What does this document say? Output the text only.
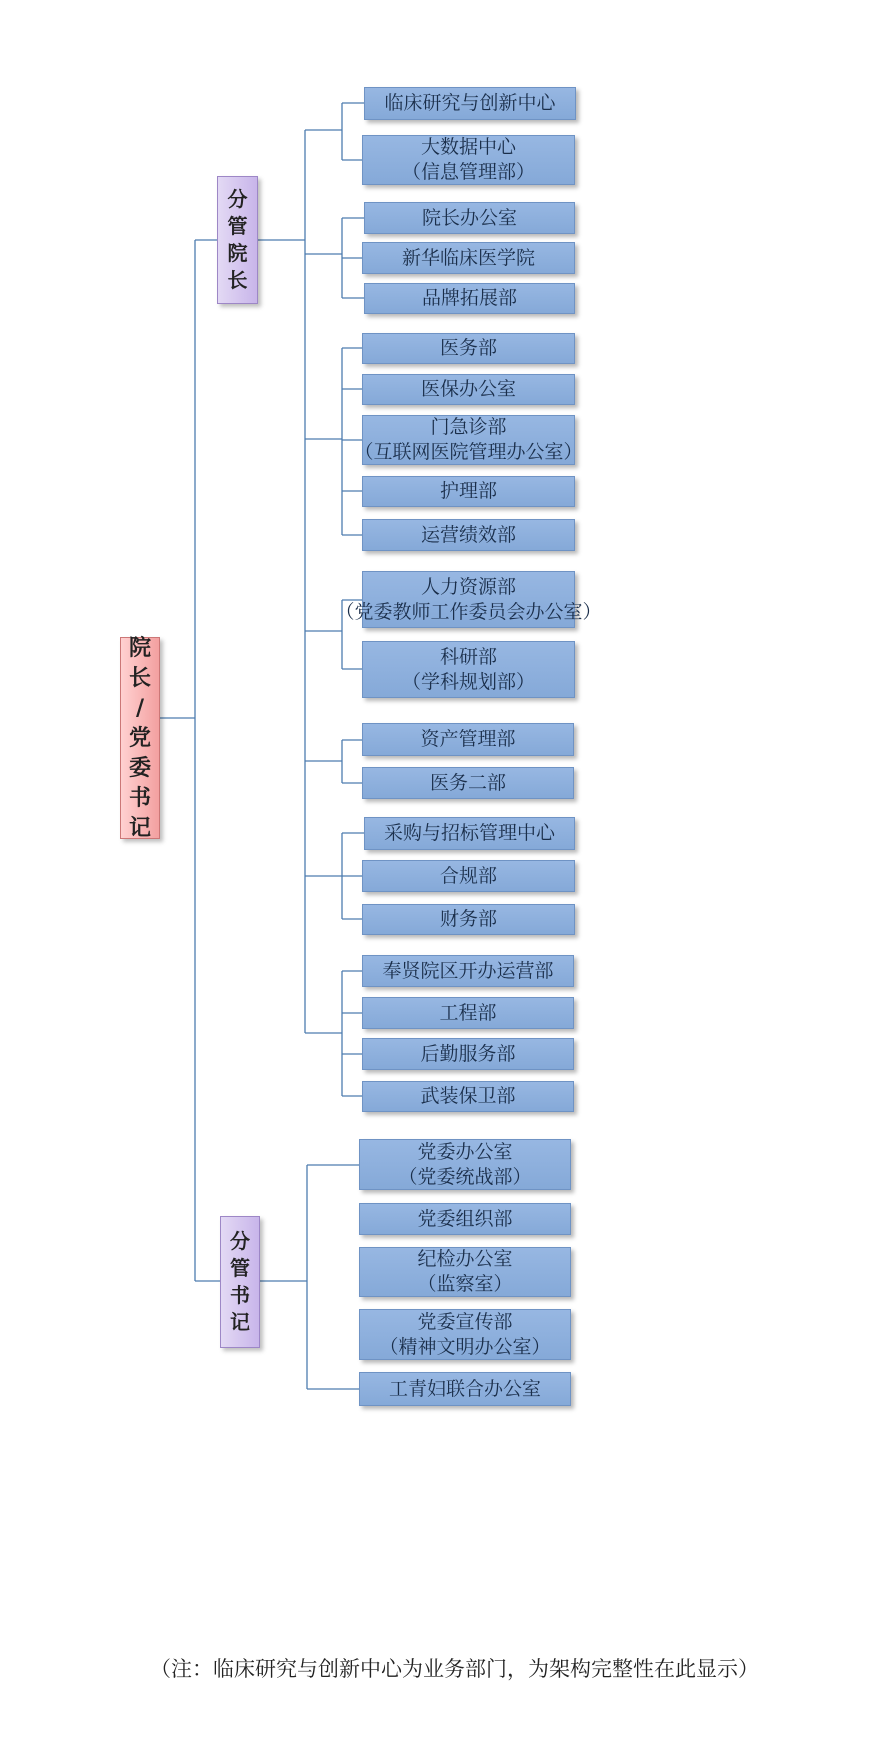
院
长
/
党
委
书
记
分
管
院
长
分
管
书
记
临床研究与创新中心
大数据中心
（信息管理部）
院长办公室
新华临床医学院
品牌拓展部
医务部
医保办公室
门急诊部
（互联网医院管理办公室）
护理部
运营绩效部
人力资源部
（党委教师工作委员会办公室）
科研部
（学科规划部）
资产管理部
医务二部
采购与招标管理中心
合规部
财务部
奉贤院区开办运营部
工程部
后勤服务部
武装保卫部
党委办公室
（党委统战部）
党委组织部
纪检办公室
（监察室）
党委宣传部
（精神文明办公室）
工青妇联合办公室
（注：临床研究与创新中心为业务部门，为架构完整性在此显示）
